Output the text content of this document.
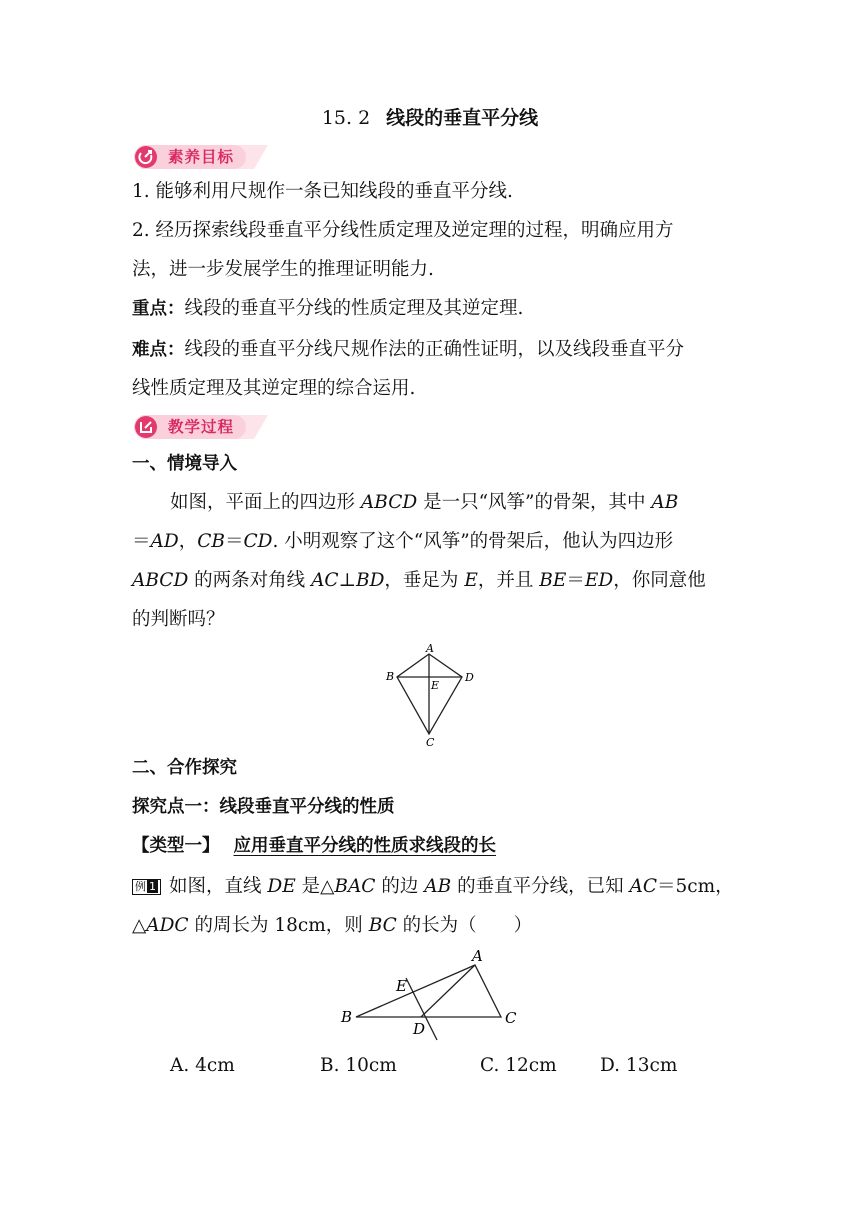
15. 2 线段的垂直平分线
素养目标
1. 能够利用尺规作一条已知线段的垂直平分线.
2. 经历探索线段垂直平分线性质定理及逆定理的过程，明确应用方
法，进一步发展学生的推理证明能力.
重点：线段的垂直平分线的性质定理及其逆定理.
难点：线段的垂直平分线尺规作法的正确性证明，以及线段垂直平分
线性质定理及其逆定理的综合运用.
教学过程
一、情境导入
如图，平面上的四边形 ABCD 是一只“风筝”的骨架，其中 AB
＝AD，CB＝CD. 小明观察了这个“风筝”的骨架后，他认为四边形
ABCD 的两条对角线 AC⊥BD，垂足为 E，并且 BE＝ED，你同意他
的判断吗？
A
B
C
D
E
二、合作探究
探究点一：线段垂直平分线的性质
【类型一】 应用垂直平分线的性质求线段的长
例 1 如图，直线 DE 是△BAC 的边 AB 的垂直平分线，已知 AC＝5cm，
△ADC 的周长为 18cm，则 BC 的长为（　　）
A
B	C
D
E
A. 4cm	B. 10cm	C. 12cm D. 13cm
